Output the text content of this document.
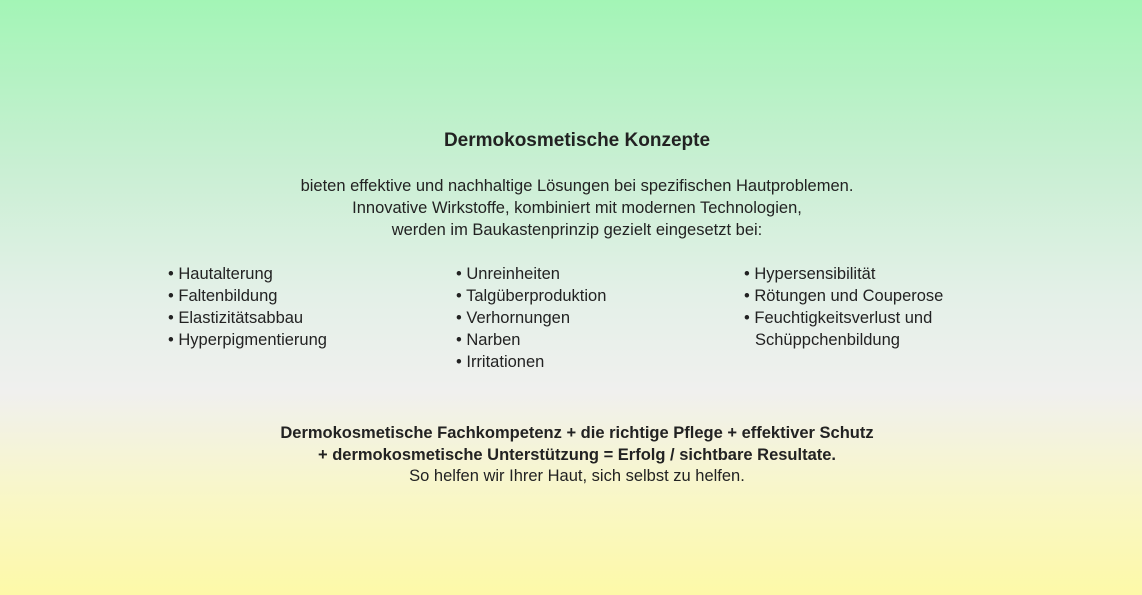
Dermokosmetische Konzepte
bieten effektive und nachhaltige Lösungen bei spezifischen Hautproblemen.
Innovative Wirkstoffe, kombiniert mit modernen Technologien,
werden im Baukastenprinzip gezielt eingesetzt bei:
• Hautalterung
• Faltenbildung
• Elastizitätsabbau
• Hyperpigmentierung
• Unreinheiten
• Talgüberproduktion
• Verhornungen
• Narben
• Irritationen
• Hypersensibilität
• Rötungen und Couperose
• Feuchtigkeitsverlust und
Schüppchenbildung
Dermokosmetische Fachkompetenz + die richtige Pflege + effektiver Schutz
+ dermokosmetische Unterstützung = Erfolg / sichtbare Resultate.
So helfen wir Ihrer Haut, sich selbst zu helfen.
